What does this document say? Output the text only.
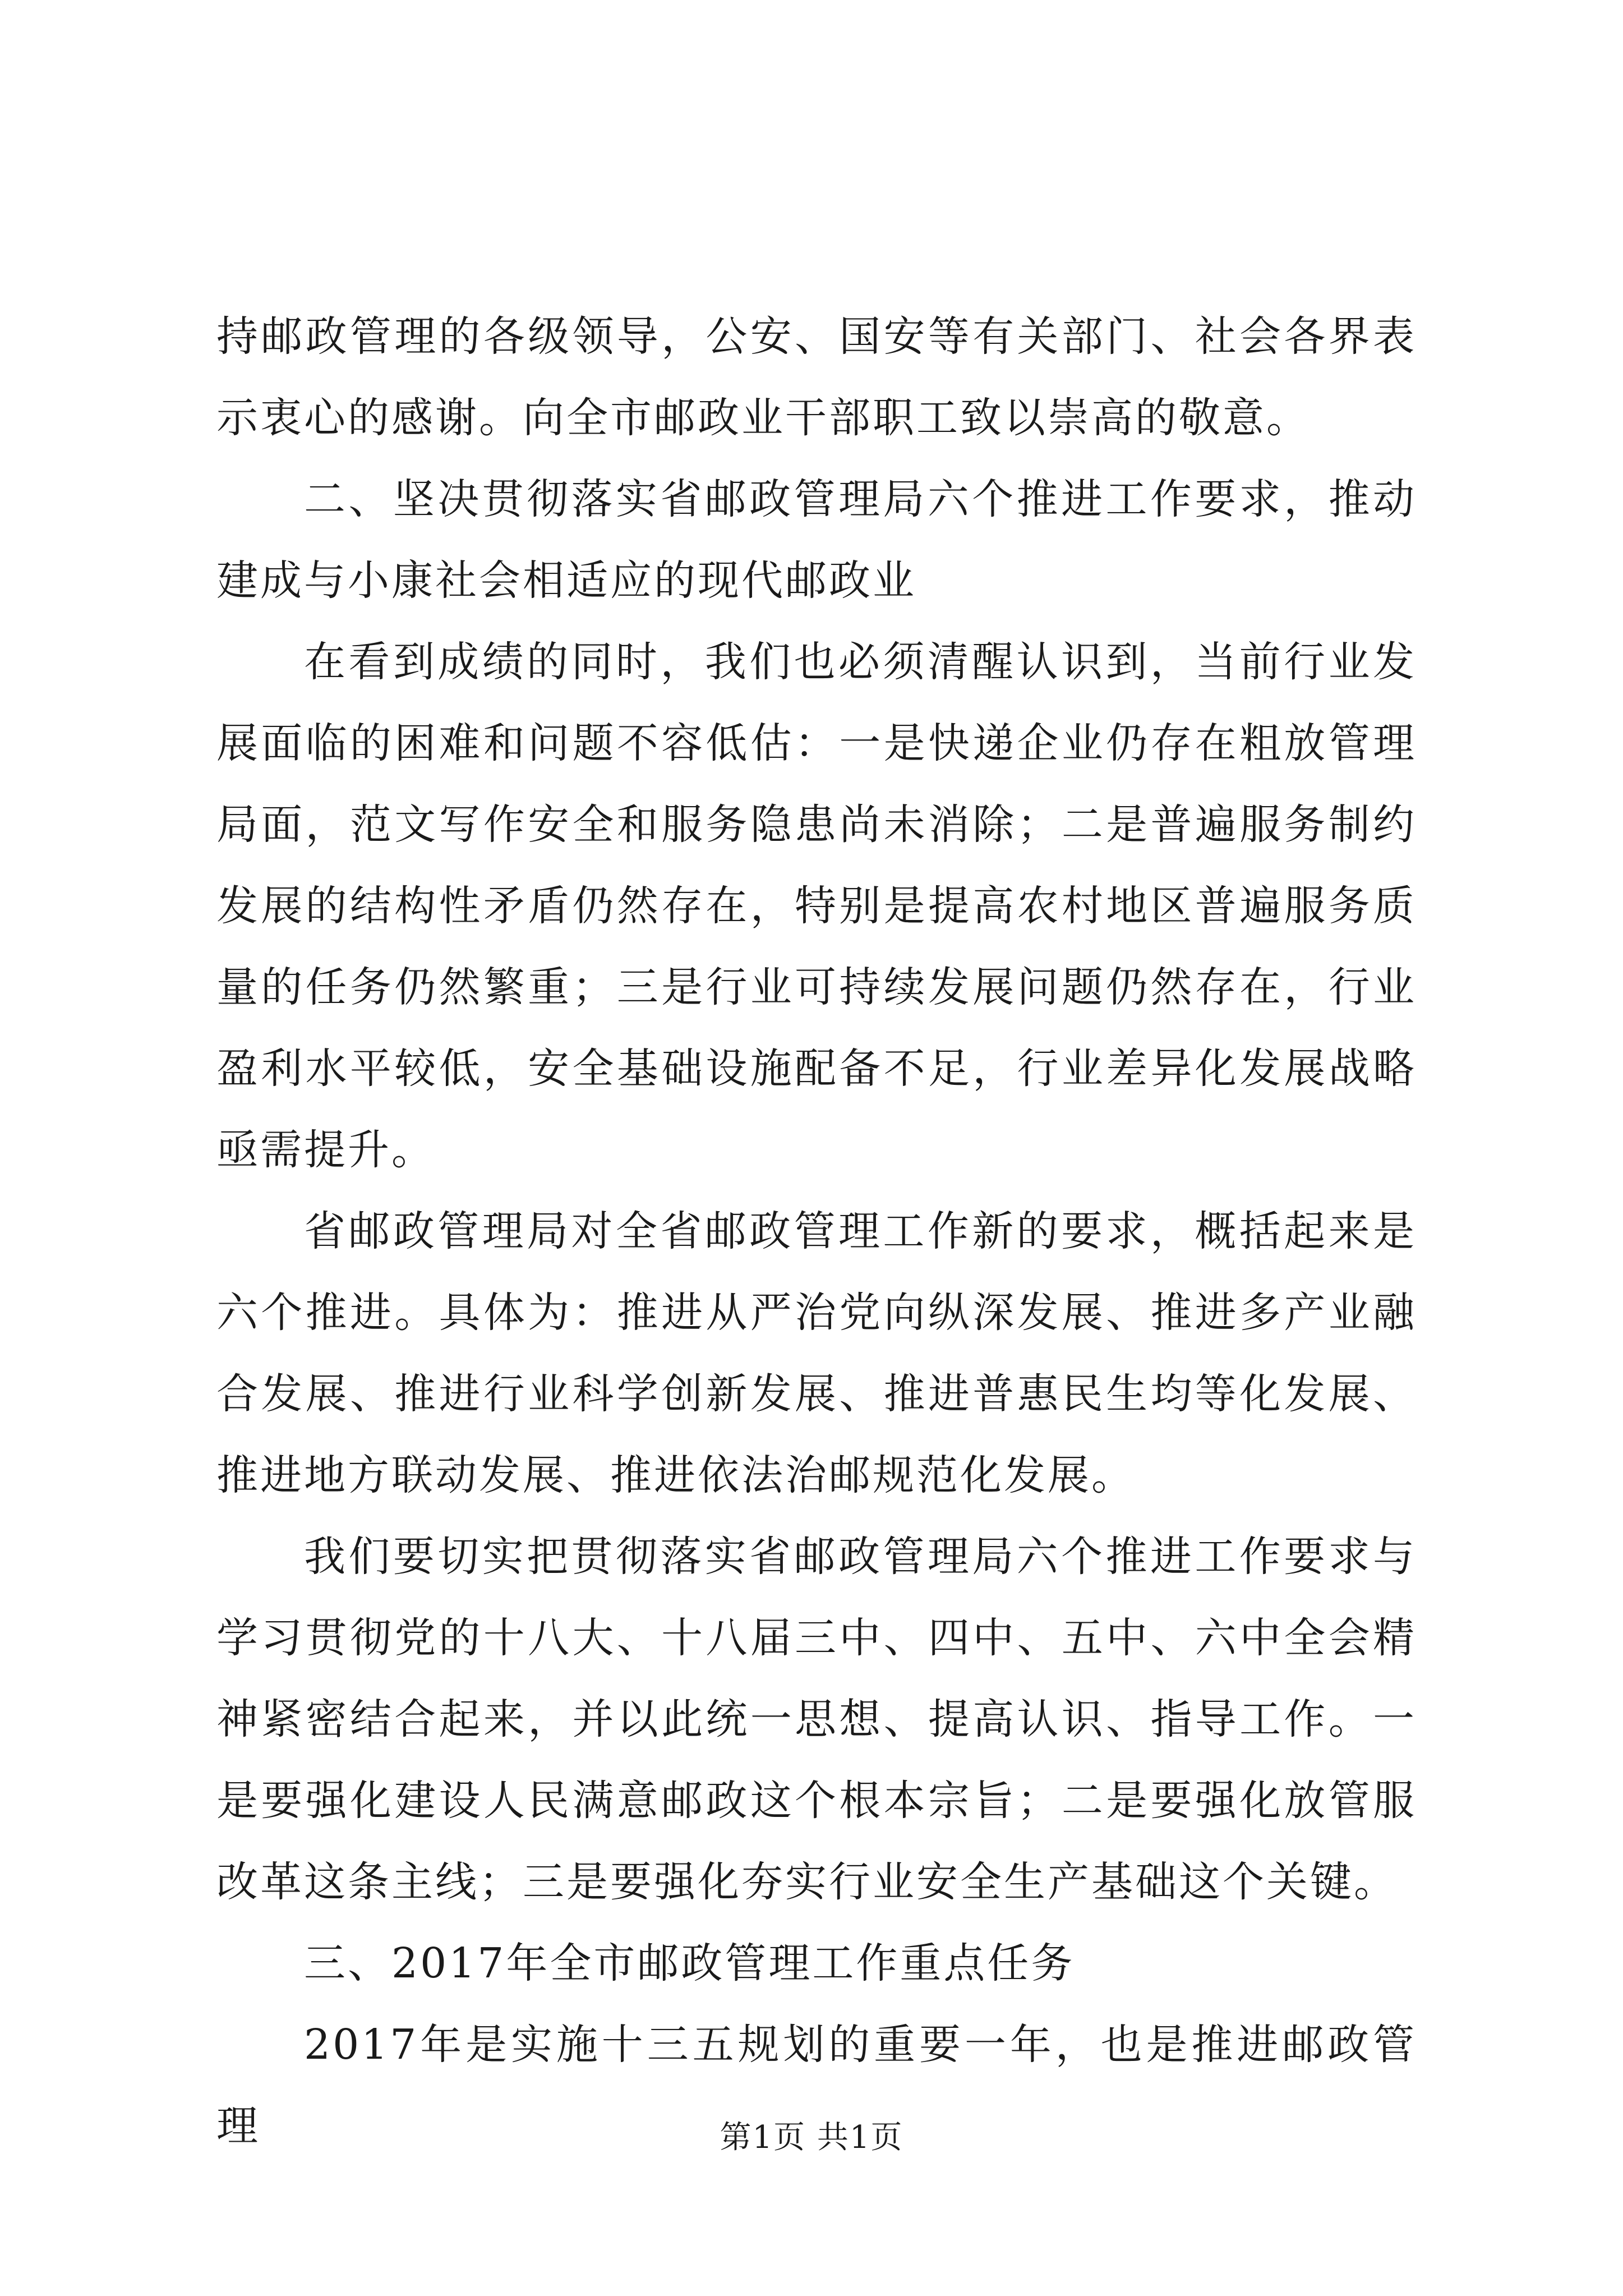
持邮政管理的各级领导，公安、国安等有关部门、社会各界表示衷心的感谢。向全市邮政业干部职工致以崇高的敬意。

二、坚决贯彻落实省邮政管理局六个推进工作要求，推动建成与小康社会相适应的现代邮政业

在看到成绩的同时，我们也必须清醒认识到，当前行业发展面临的困难和问题不容低估：一是快递企业仍存在粗放管理局面，范文写作安全和服务隐患尚未消除；二是普遍服务制约发展的结构性矛盾仍然存在，特别是提高农村地区普遍服务质量的任务仍然繁重；三是行业可持续发展问题仍然存在，行业盈利水平较低，安全基础设施配备不足，行业差异化发展战略亟需提升。

省邮政管理局对全省邮政管理工作新的要求，概括起来是六个推进。具体为：推进从严治党向纵深发展、推进多产业融合发展、推进行业科学创新发展、推进普惠民生均等化发展、推进地方联动发展、推进依法治邮规范化发展。

我们要切实把贯彻落实省邮政管理局六个推进工作要求与学习贯彻党的十八大、十八届三中、四中、五中、六中全会精神紧密结合起来，并以此统一思想、提高认识、指导工作。一是要强化建设人民满意邮政这个根本宗旨；二是要强化放管服改革这条主线；三是要强化夯实行业安全生产基础这个关键。

三、2017年全市邮政管理工作重点任务

2017年是实施十三五规划的重要一年，也是推进邮政管理	第1页 共1页
